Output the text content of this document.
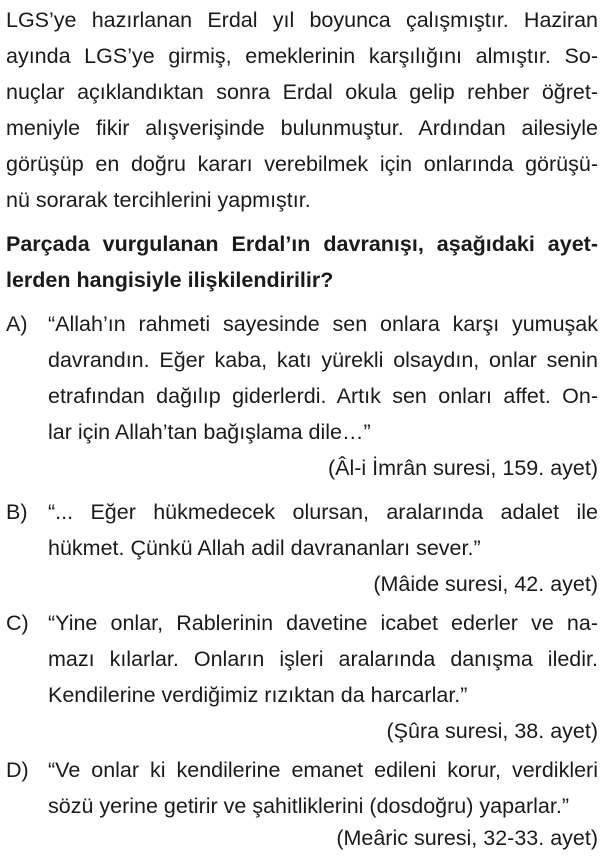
LGS’ye hazırlanan Erdal yıl boyunca çalışmıştır. Haziran
ayında LGS’ye girmiş, emeklerinin karşılığını almıştır. So-
nuçlar açıklandıktan sonra Erdal okula gelip rehber öğret-
meniyle fikir alışverişinde bulunmuştur. Ardından ailesiyle
görüşüp en doğru kararı verebilmek için onlarında görüşü-
nü sorarak tercihlerini yapmıştır.
Parçada vurgulanan Erdal’ın davranışı, aşağıdaki ayet-
lerden hangisiyle ilişkilendirilir?
A) “Allah’ın rahmeti sayesinde sen onlara karşı yumuşak
davrandın. Eğer kaba, katı yürekli olsaydın, onlar senin
etrafından dağılıp giderlerdi. Artık sen onları affet. On-
lar için Allah’tan bağışlama dile…”
(Âl-i İmrân suresi, 159. ayet)
B) “... Eğer hükmedecek olursan, aralarında adalet ile
hükmet. Çünkü Allah adil davrananları sever.”
(Mâide suresi, 42. ayet)
C) “Yine onlar, Rablerinin davetine icabet ederler ve na-
mazı kılarlar. Onların işleri aralarında danışma iledir.
Kendilerine verdiğimiz rızıktan da harcarlar.”
(Şûra suresi, 38. ayet)
D) “Ve onlar ki kendilerine emanet edileni korur, verdikleri
sözü yerine getirir ve şahitliklerini (dosdoğru) yaparlar.”
(Meâric suresi, 32-33. ayet)
